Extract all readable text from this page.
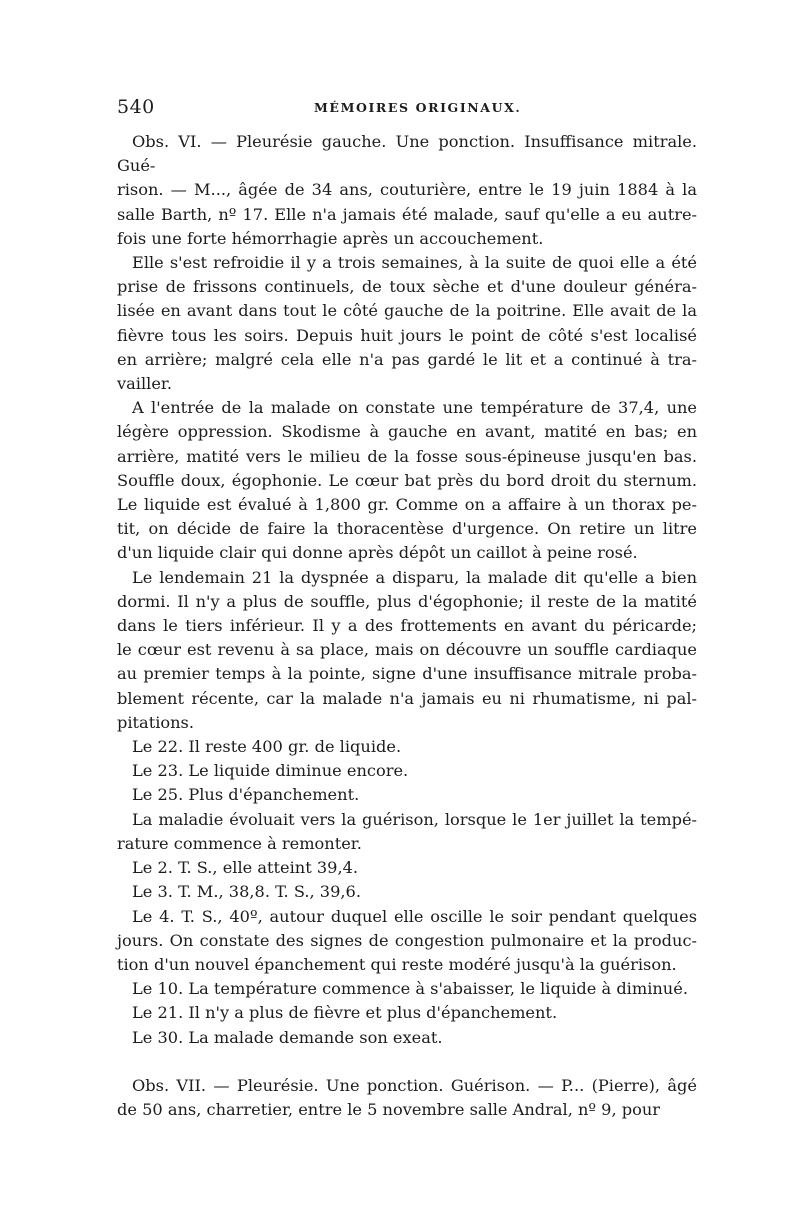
540	MÉMOIRES ORIGINAUX.
Obs. VI. — Pleurésie gauche. Une ponction. Insuffisance mitrale. Gué-
rison. — M..., âgée de 34 ans, couturière, entre le 19 juin 1884 à la
salle Barth, nº 17. Elle n'a jamais été malade, sauf qu'elle a eu autre-
fois une forte hémorrhagie après un accouchement.
Elle s'est refroidie il y a trois semaines, à la suite de quoi elle a été
prise de frissons continuels, de toux sèche et d'une douleur généra-
lisée en avant dans tout le côté gauche de la poitrine. Elle avait de la
fièvre tous les soirs. Depuis huit jours le point de côté s'est localisé
en arrière; malgré cela elle n'a pas gardé le lit et a continué à tra-
vailler.
A l'entrée de la malade on constate une température de 37,4, une
légère oppression. Skodisme à gauche en avant, matité en bas; en
arrière, matité vers le milieu de la fosse sous-épineuse jusqu'en bas.
Souffle doux, égophonie. Le cœur bat près du bord droit du sternum.
Le liquide est évalué à 1,800 gr. Comme on a affaire à un thorax pe-
tit, on décide de faire la thoracentèse d'urgence. On retire un litre
d'un liquide clair qui donne après dépôt un caillot à peine rosé.
Le lendemain 21 la dyspnée a disparu, la malade dit qu'elle a bien
dormi. Il n'y a plus de souffle, plus d'égophonie; il reste de la matité
dans le tiers inférieur. Il y a des frottements en avant du péricarde;
le cœur est revenu à sa place, mais on découvre un souffle cardiaque
au premier temps à la pointe, signe d'une insuffisance mitrale proba-
blement récente, car la malade n'a jamais eu ni rhumatisme, ni pal-
pitations.
Le 22. Il reste 400 gr. de liquide.
Le 23. Le liquide diminue encore.
Le 25. Plus d'épanchement.
La maladie évoluait vers la guérison, lorsque le 1er juillet la tempé-
rature commence à remonter.
Le 2. T. S., elle atteint 39,4.
Le 3. T. M., 38,8. T. S., 39,6.
Le 4. T. S., 40º, autour duquel elle oscille le soir pendant quelques
jours. On constate des signes de congestion pulmonaire et la produc-
tion d'un nouvel épanchement qui reste modéré jusqu'à la guérison.
Le 10. La température commence à s'abaisser, le liquide à diminué.
Le 21. Il n'y a plus de fièvre et plus d'épanchement.
Le 30. La malade demande son exeat.
Obs. VII. — Pleurésie. Une ponction. Guérison. — P... (Pierre), âgé
de 50 ans, charretier, entre le 5 novembre salle Andral, nº 9, pour
